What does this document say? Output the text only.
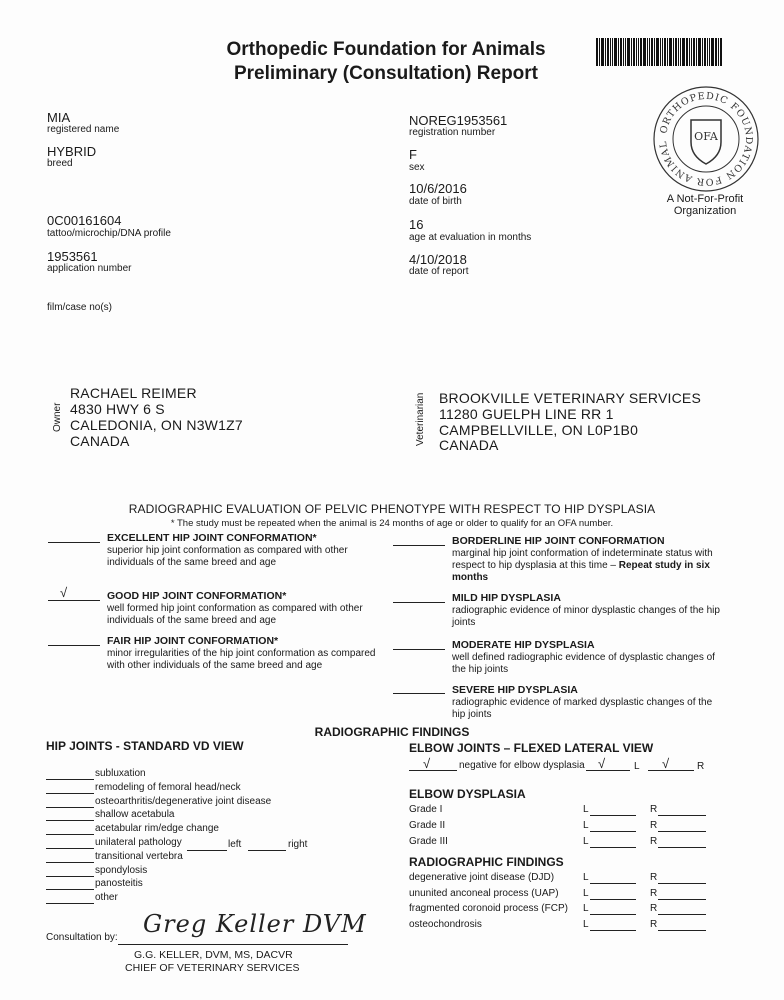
Orthopedic Foundation for Animals
Preliminary (Consultation) Report
ORTHOPEDIC FOUNDATION FOR ANIMAL
OFA
A Not-For-Profit
Organization
MIA
registered name
HYBRID
breed
0C00161604
tattoo/microchip/DNA profile
1953561
application number
film/case no(s)
NOREG1953561
registration number
F
sex
10/6/2016
date of birth
16
age at evaluation in months
4/10/2018
date of report
Owner
RACHAEL REIMER
4830 HWY 6 S
CALEDONIA, ON N3W1Z7
CANADA	Veterinarian BROOKVILLE VETERINARY SERVICES
11280 GUELPH LINE RR 1
CAMPBELLVILLE, ON L0P1B0
CANADA
RADIOGRAPHIC EVALUATION OF PELVIC PHENOTYPE WITH RESPECT TO HIP DYSPLASIA
* The study must be repeated when the animal is 24 months of age or older to qualify for an OFA number.
EXCELLENT HIP JOINT CONFORMATION*
superior hip joint conformation as compared with other individuals of the same breed and age
√	GOOD HIP JOINT CONFORMATION*
well formed hip joint conformation as compared with other individuals of the same breed and age
FAIR HIP JOINT CONFORMATION*
minor irregularities of the hip joint conformation as compared with other individuals of the same breed and age
BORDERLINE HIP JOINT CONFORMATION
marginal hip joint conformation of indeterminate status with respect to hip dysplasia at this time – Repeat study in six months
MILD HIP DYSPLASIA
radiographic evidence of minor dysplastic changes of the hip joints
MODERATE HIP DYSPLASIA
well defined radiographic evidence of dysplastic changes of the hip joints
SEVERE HIP DYSPLASIA
radiographic evidence of marked dysplastic changes of the hip joints
RADIOGRAPHIC FINDINGS
HIP JOINTS - STANDARD VD VIEW
subluxation
remodeling of femoral head/neck
osteoarthritis/degenerative joint disease
shallow acetabula
acetabular rim/edge change
unilateral pathology
transitional vertebra
spondylosis
panosteitis
other
left	right
ELBOW JOINTS – FLEXED LATERAL VIEW
√	negative for elbow dysplasia √	L √	R
ELBOW DYSPLASIA
Grade I	L	R
Grade II	L	R
Grade III	L	R
RADIOGRAPHIC FINDINGS
degenerative joint disease (DJD)	L	R
ununited anconeal process (UAP) L	R
fragmented coronoid process (FCP) L	R
osteochondrosis	L	R
Consultation by: Greg Keller DVM
G.G. KELLER, DVM, MS, DACVR
CHIEF OF VETERINARY SERVICES
